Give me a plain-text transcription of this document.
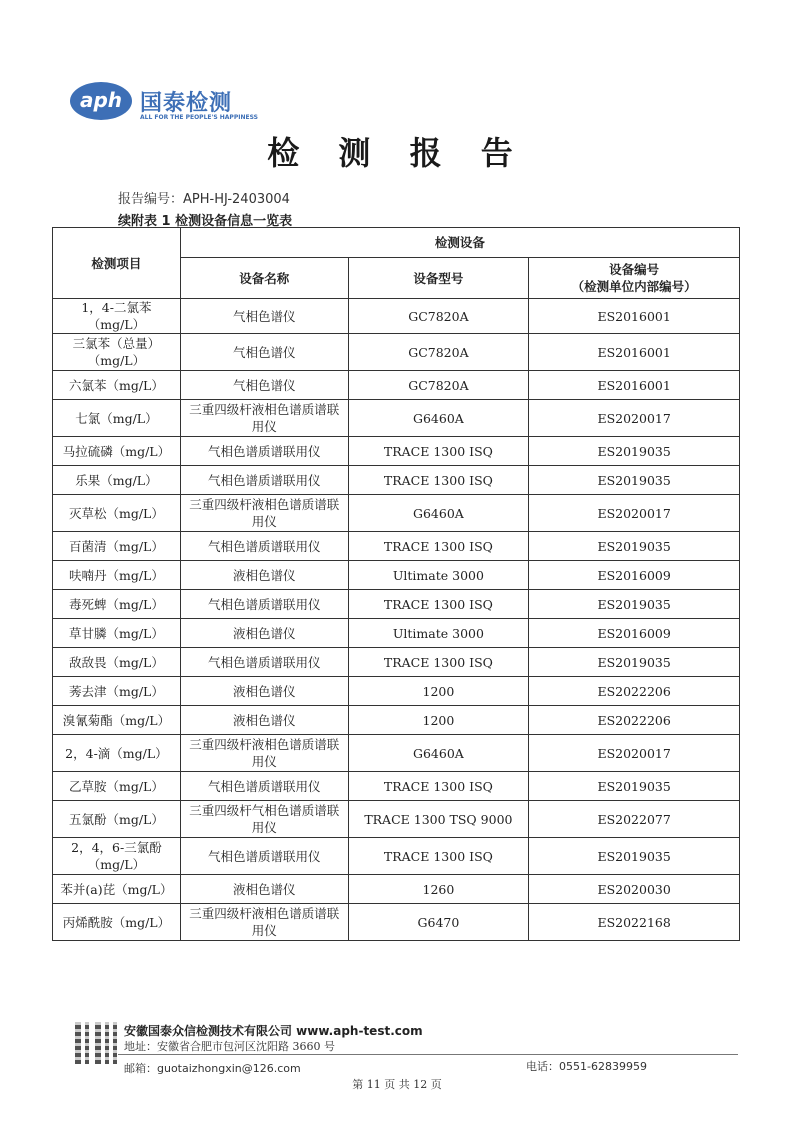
aph 国泰检测
ALL FOR THE PEOPLE'S HAPPINESS
检 测 报 告
报告编号：APH-HJ-2403004
续附表 1 检测设备信息一览表
检测项目	检测设备		
	设备名称	设备型号	设备编号
（检测单位内部编号）

1，4-二氯苯（mg/L）	气相色谱仪	GC7820A	ES2016001
三氯苯（总量）（mg/L）	气相色谱仪	GC7820A	ES2016001
六氯苯（mg/L）	气相色谱仪	GC7820A	ES2016001
七氯（mg/L）	三重四级杆液相色谱质谱联用仪	G6460A	ES2020017
马拉硫磷（mg/L）	气相色谱质谱联用仪	TRACE 1300 ISQ	ES2019035
乐果（mg/L）	气相色谱质谱联用仪	TRACE 1300 ISQ	ES2019035
灭草松（mg/L）	三重四级杆液相色谱质谱联用仪	G6460A	ES2020017
百菌清（mg/L）	气相色谱质谱联用仪	TRACE 1300 ISQ	ES2019035
呋喃丹（mg/L）	液相色谱仪	Ultimate 3000	ES2016009
毒死蜱（mg/L）	气相色谱质谱联用仪	TRACE 1300 ISQ	ES2019035
草甘膦（mg/L）	液相色谱仪	Ultimate 3000	ES2016009
敌敌畏（mg/L）	气相色谱质谱联用仪	TRACE 1300 ISQ	ES2019035
莠去津（mg/L）	液相色谱仪	1200	ES2022206
溴氰菊酯（mg/L）	液相色谱仪	1200	ES2022206
2，4-滴（mg/L）	三重四级杆液相色谱质谱联用仪	G6460A	ES2020017
乙草胺（mg/L）	气相色谱质谱联用仪	TRACE 1300 ISQ	ES2019035
五氯酚（mg/L）	三重四级杆气相色谱质谱联用仪	TRACE 1300 TSQ 9000	ES2022077
2，4，6-三氯酚（mg/L）	气相色谱质谱联用仪	TRACE 1300 ISQ	ES2019035
苯并(a)芘（mg/L）	液相色谱仪	1260	ES2020030
丙烯酰胺（mg/L）	三重四级杆液相色谱质谱联用仪	G6470	ES2022168
安徽国泰众信检测技术有限公司 www.aph-test.com
地址：安徽省合肥市包河区沈阳路 3660 号
邮箱：guotaizhongxin@126.com	电话：0551-62839959
第 11 页 共 12 页
